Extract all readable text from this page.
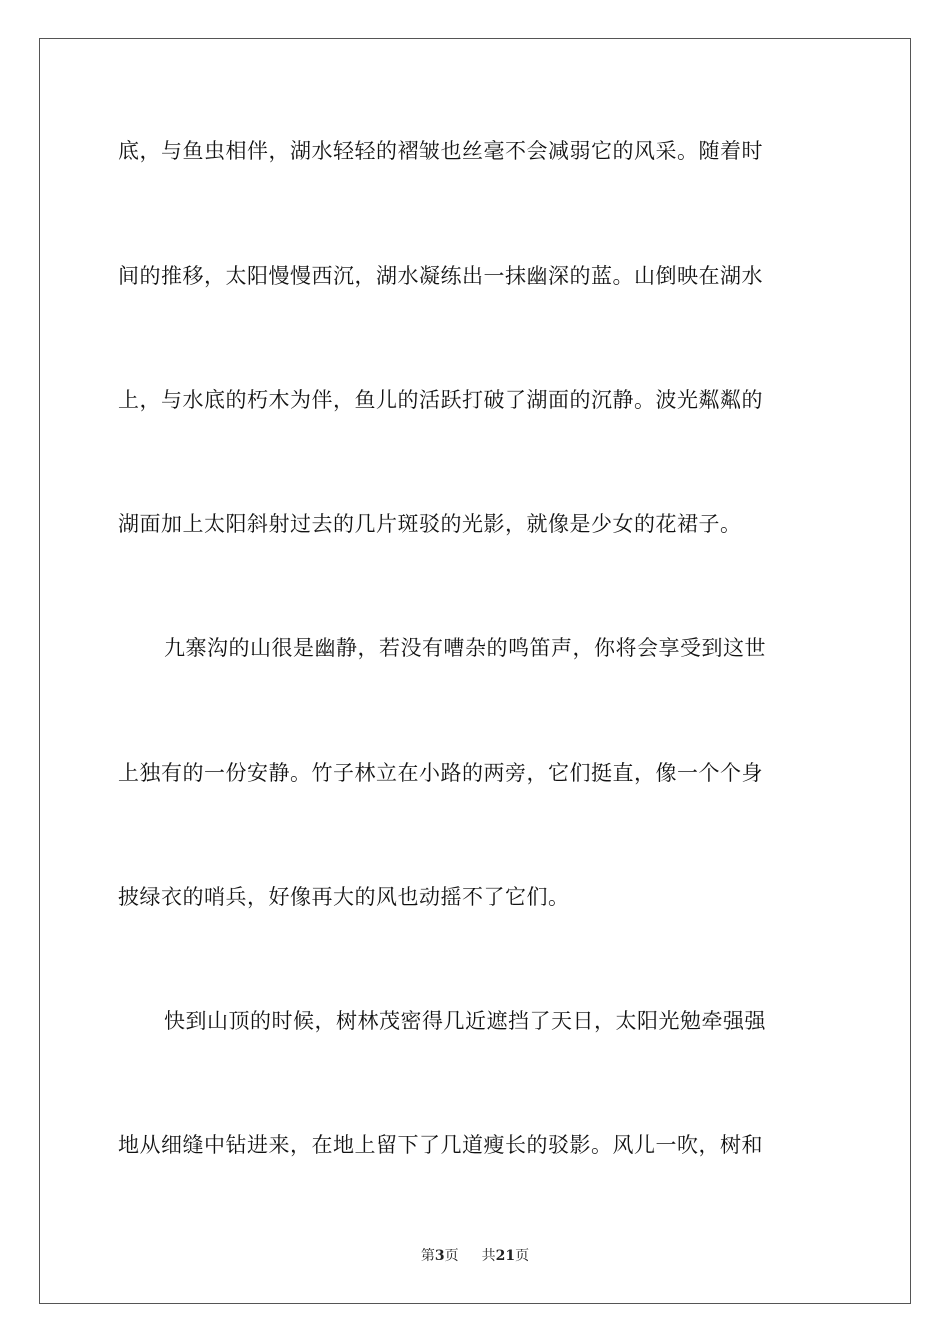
底，与鱼虫相伴，湖水轻轻的褶皱也丝毫不会减弱它的风采。随着时
间的推移，太阳慢慢西沉，湖水凝练出一抹幽深的蓝。山倒映在湖水
上，与水底的朽木为伴，鱼儿的活跃打破了湖面的沉静。波光粼粼的
湖面加上太阳斜射过去的几片斑驳的光影，就像是少女的花裙子。
九寨沟的山很是幽静，若没有嘈杂的鸣笛声，你将会享受到这世
上独有的一份安静。竹子林立在小路的两旁，它们挺直，像一个个身
披绿衣的哨兵，好像再大的风也动摇不了它们。
快到山顶的时候，树林茂密得几近遮挡了天日，太阳光勉牵强强
地从细缝中钻进来，在地上留下了几道瘦长的驳影。风儿一吹，树和
第3页 共21页
